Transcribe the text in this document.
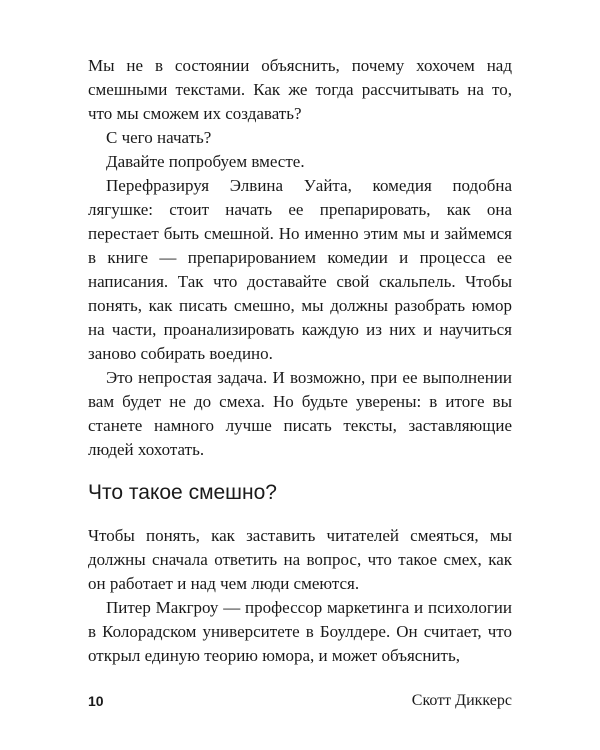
Мы не в состоянии объяснить, почему хохочем над смешными текстами. Как же тогда рассчитывать на то, что мы сможем их создавать?

С чего начать?

Давайте попробуем вместе.

Перефразируя Элвина Уайта, комедия подобна лягушке: стоит начать ее препарировать, как она перестает быть смешной. Но именно этим мы и займемся в книге — препарированием комедии и процесса ее написания. Так что доставайте свой скальпель. Чтобы понять, как писать смешно, мы должны разобрать юмор на части, проанализировать каждую из них и научиться заново собирать воедино.

Это непростая задача. И возможно, при ее выполнении вам будет не до смеха. Но будьте уверены: в итоге вы станете намного лучше писать тексты, заставляющие людей хохотать.

Что такое смешно?

Чтобы понять, как заставить читателей смеяться, мы должны сначала ответить на вопрос, что такое смех, как он работает и над чем люди смеются.

Питер Макгроу — профессор маркетинга и психологии в Колорадском университете в Боулдере. Он считает, что открыл единую теорию юмора, и может объяснить,

10	Скотт Диккерс
